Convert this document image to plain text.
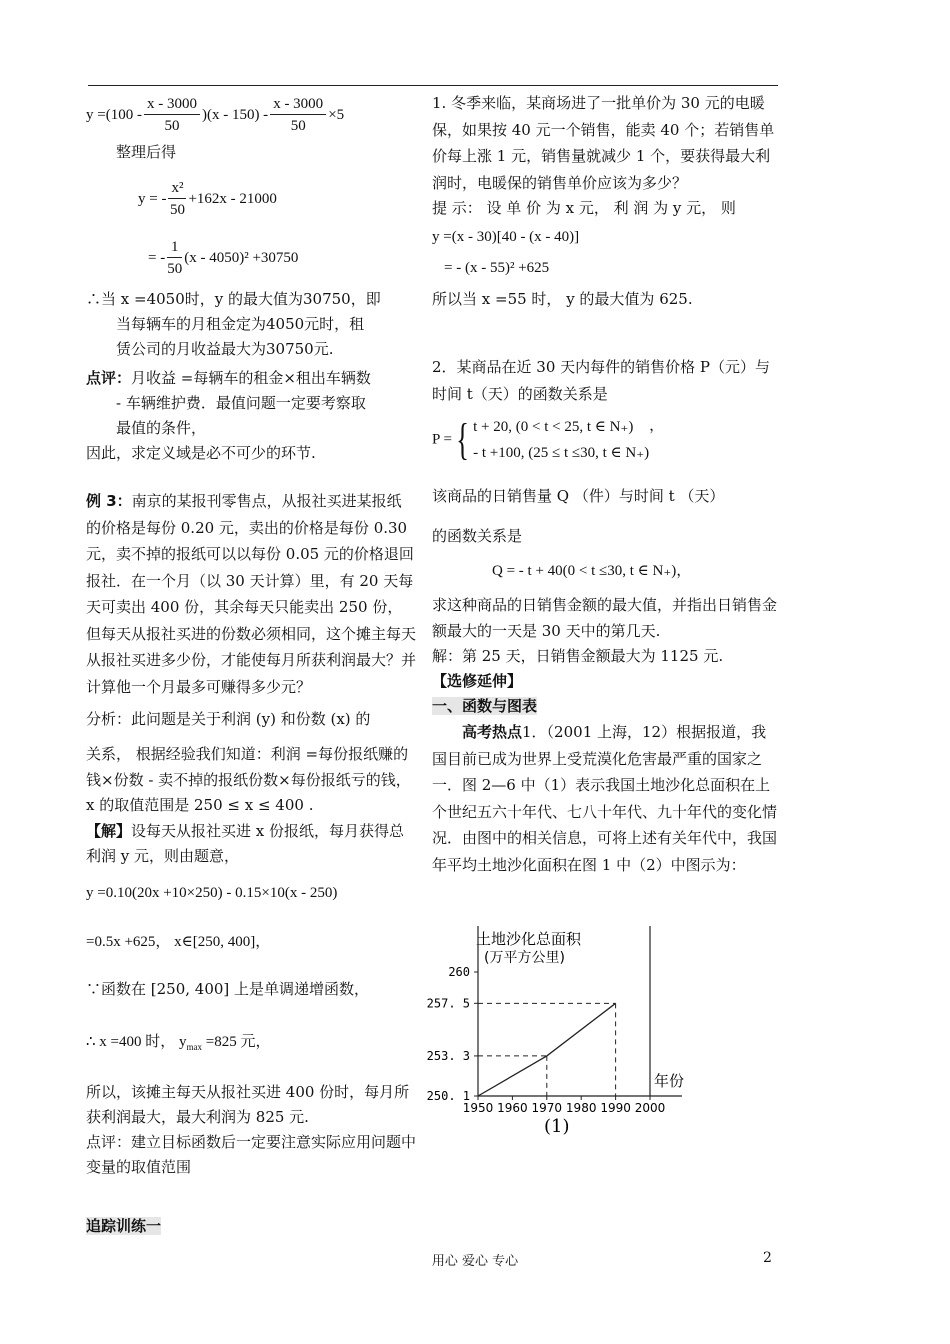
$y =(100 - \frac{x - 3000}{50} )(x - 150) - \frac{x - 3000}{50} \times 5$
整理后得
y = - $\frac{\text{x²}}{50} +162x - 21000$
= - $\frac{1}{50} (x - 4050)^2 +30750$
∴当 x =4050时，y 的最大值为30750，即
当每辆车的月租金定为4050元时，租
赁公司的月收益最大为30750元.
点评：月收益 =每辆车的租金×租出车辆数
- 车辆维护费．最值问题一定要考察取
最值的条件，
因此，求定义域是必不可少的环节.
例 3：南京的某报刊零售点，从报社买进某报纸的价格是每份 0.20 元，卖出的价格是每份 0.30 元，卖不掉的报纸可以以每份 0.05 元的价格退回报社．在一个月（以 30 天计算）里，有 20 天每天可卖出 400 份，其余每天只能卖出 250 份，但每天从报社买进的份数必须相同，这个摊主每天从报社买进多少份，才能使每月所获利润最大？并计算他一个月最多可赚得多少元？
分析：此问题是关于利润 (y) 和份数 (x) 的
关系， 根据经验我们知道：利润 =每份报纸赚的钱×份数 - 卖不掉的报纸份数×每份报纸亏的钱，x 的取值范围是 250 ≤ x ≤ 400 .
【解】设每天从报社买进 x 份报纸，每月获得总利润 y 元，则由题意，
y =0.10(20x +10×250) - 0.15×10(x - 250)
=0.5x +625， x∈[250, 400]，
∵函数在 [250, 400] 上是单调递增函数，
∴ x =400 时， $y_{max} =825$ 元，
所以，该摊主每天从报社买进 400 份时，每月所获利润最大，最大利润为 825 元.
点评：建立目标函数后一定要注意实际应用问题中变量的取值范围
追踪训练一
1. 冬季来临，某商场进了一批单价为 30 元的电暖保，如果按 40 元一个销售，能卖 40 个；若销售单价每上涨 1 元，销售量就减少 1 个，要获得最大利润时，电暖保的销售单价应该为多少？
提 示： 设 单 价 为 x 元， 利 润 为 y 元， 则
y =(x - 30)[40 - (x - 40)]
= - (x - 55)² +625
所以当 x =55 时， y 的最大值为 625.
2．某商品在近 30 天内每件的销售价格 P（元）与时间 t（天）的函数关系是
P ={ t + 20, (0 < t < 25, t ∈ N₊)
- t +100, (25 ≤ t ≤30, t ∈ N₊)
，
该商品的日销售量 Q （件）与时间 t （天）
的函数关系是
Q = - t + 40(0 < t ≤30, t ∈ N₊)，
求这种商品的日销售金额的最大值，并指出日销售金额最大的一天是 30 天中的第几天.
解：第 25 天，日销售金额最大为 1125 元.
【选修延伸】
一、函数与图表
高考热点1．（2001 上海，12）根据报道，我国目前已成为世界上受荒漠化危害最严重的国家之一．图 2—6 中（1）表示我国土地沙化总面积在上个世纪五六十年代、七八十年代、九十年代的变化情况．由图中的相关信息，可将上述有关年代中，我国年平均土地沙化面积在图 1 中（2）中图示为：
土地沙化总面积
(万平方公里)
年份
(1)
1950 1960 1970 1980 1990 2000
250. 1
253. 3
257. 5
260
用心 爱心 专心	2
